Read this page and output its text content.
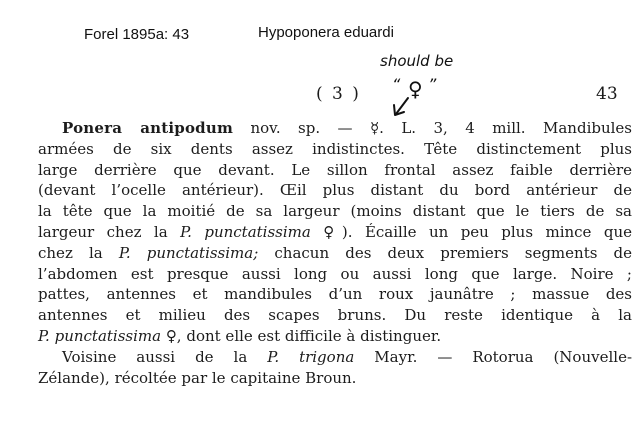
Forel 1895a: 43	Hypoponera eduardi
should be
“ ♀ ”
( 3 )	43
Ponera antipodum nov. sp. — ☿. L. 3, 4 mill. Mandibules
armées de six dents assez indistinctes. Tête distinctement plus
large derrière que devant. Le sillon frontal assez faible derrière
(devant l’ocelle antérieur). Œil plus distant du bord antérieur de
la tête que la moitié de sa largeur (moins distant que le tiers de sa
largeur chez la P. punctatissima ♀). Écaille un peu plus mince que
chez la P. punctatissima; chacun des deux premiers segments de
l’abdomen est presque aussi long ou aussi long que large. Noire ;
pattes, antennes et mandibules d’un roux jaunâtre ; massue des
antennes et milieu des scapes bruns. Du reste identique à la
P. punctatissima ♀, dont elle est difficile à distinguer.
Voisine aussi de la P. trigona Mayr. — Rotorua (Nouvelle-
Zélande), récoltée par le capitaine Broun.
